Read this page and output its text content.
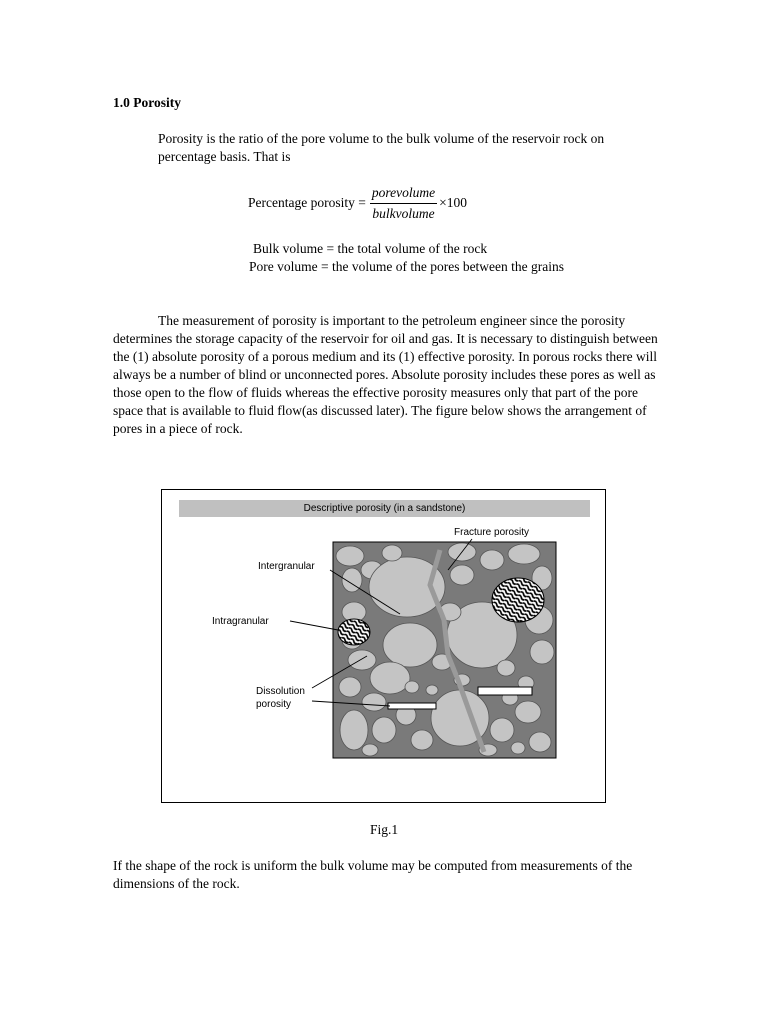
1.0 Porosity
Porosity is the ratio of the pore volume to the bulk volume of the reservoir rock on percentage basis. That is
Percentage porosity = $\frac{\text{porevolume}}{\text{bulkvolume}} \times 100$
Bulk volume = the total volume of the rock
Pore volume = the volume of the pores between the grains
The measurement of porosity is important to the petroleum engineer since the porosity determines the storage capacity of the reservoir for oil and gas. It is necessary to distinguish between the (1) absolute porosity of a porous medium and its (1) effective porosity. In porous rocks there will always be a number of blind or unconnected pores. Absolute porosity includes these pores as well as those open to the flow of fluids whereas the effective porosity measures only that part of the pore space that is available to fluid flow(as discussed later). The figure below shows the arrangement of pores in a piece of rock.
Descriptive porosity (in a sandstone)
Fracture porosity
Intergranular
Intragranular
Dissolution
porosity
Fig.1
If the shape of the rock is uniform the bulk volume may be computed from measurements of the dimensions of the rock.
